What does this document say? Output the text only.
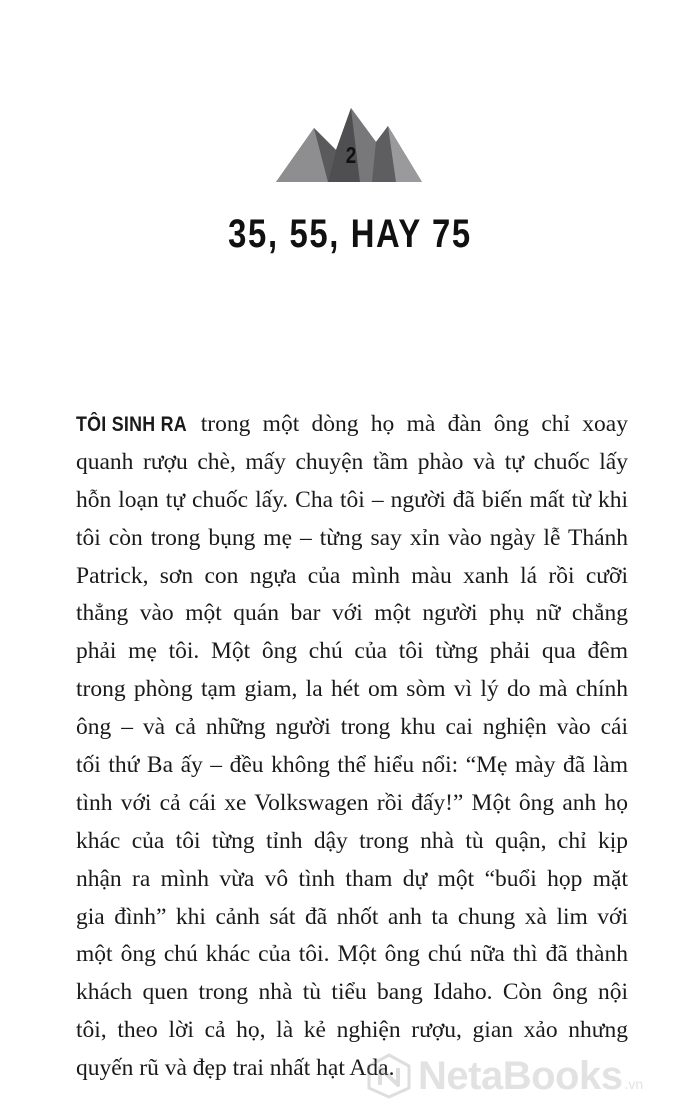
2
35, 55, HAY 75
TÔI SINH RA trong một dòng họ mà đàn ông chỉ xoay
quanh rượu chè, mấy chuyện tầm phào và tự chuốc lấy
hỗn loạn tự chuốc lấy. Cha tôi – người đã biến mất từ khi
tôi còn trong bụng mẹ – từng say xỉn vào ngày lễ Thánh
Patrick, sơn con ngựa của mình màu xanh lá rồi cưỡi
thẳng vào một quán bar với một người phụ nữ chẳng
phải mẹ tôi. Một ông chú của tôi từng phải qua đêm
trong phòng tạm giam, la hét om sòm vì lý do mà chính
ông – và cả những người trong khu cai nghiện vào cái
tối thứ Ba ấy – đều không thể hiểu nổi: “Mẹ mày đã làm
tình với cả cái xe Volkswagen rồi đấy!” Một ông anh họ
khác của tôi từng tỉnh dậy trong nhà tù quận, chỉ kịp
nhận ra mình vừa vô tình tham dự một “buổi họp mặt
gia đình” khi cảnh sát đã nhốt anh ta chung xà lim với
một ông chú khác của tôi. Một ông chú nữa thì đã thành
khách quen trong nhà tù tiểu bang Idaho. Còn ông nội
tôi, theo lời cả họ, là kẻ nghiện rượu, gian xảo nhưng
quyến rũ và đẹp trai nhất hạt Ada. NetaBooks .vn
